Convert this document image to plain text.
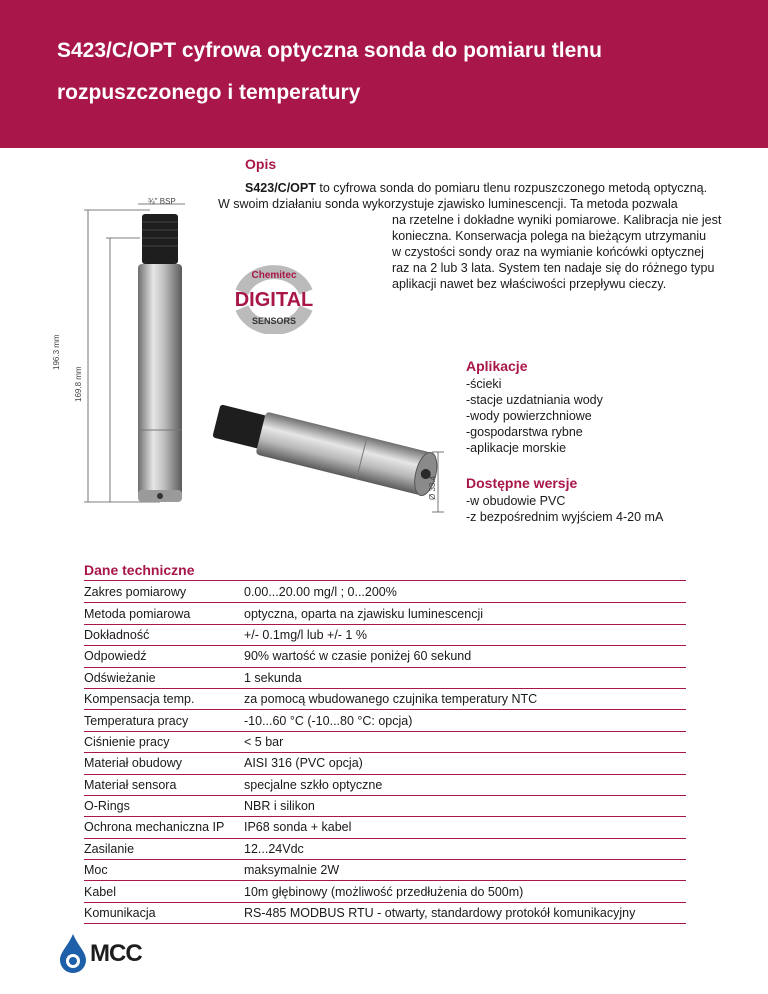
S423/C/OPT cyfrowa optyczna sonda do pomiaru tlenu rozpuszczonego i temperatury
Opis
S423/C/OPT to cyfrowa sonda do pomiaru tlenu rozpuszczonego metodą optyczną.
W swoim działaniu sonda wykorzystuje zjawisko luminescencji. Ta metoda pozwala
na rzetelne i dokładne wyniki pomiarowe. Kalibracja nie jest
konieczna. Konserwacja polega na bieżącym utrzymaniu
w czystości sondy oraz na wymianie końcówki optycznej
raz na 2 lub 3 lata. System ten nadaje się do różnego typu
aplikacji nawet bez właściwości przepływu cieczy.
¾" BSP
196.3 mm
169.8 mm
Ø 33.4
Chemitec
DIGITAL
SENSORS
Aplikacje
-ścieki
-stacje uzdatniania wody
-wody powierzchniowe
-gospodarstwa rybne
-aplikacje morskie
Dostępne wersje
-w obudowie PVC
-z bezpośrednim wyjściem 4-20 mA
Dane techniczne
Zakres pomiarowy	0.00...20.00 mg/l ; 0...200%
Metoda pomiarowa	optyczna, oparta na zjawisku luminescencji
Dokładność	+/- 0.1mg/l lub +/- 1 %
Odpowiedź	90% wartość w czasie poniżej 60 sekund
Odświeżanie	1 sekunda
Kompensacja temp.	za pomocą wbudowanego czujnika temperatury NTC
Temperatura pracy	-10...60 °C (-10...80 °C: opcja)
Ciśnienie pracy	< 5 bar
Materiał obudowy	AISI 316 (PVC opcja)
Materiał sensora	specjalne szkło optyczne
O-Rings	NBR i silikon
Ochrona mechaniczna IP	IP68 sonda + kabel
Zasilanie	12...24Vdc
Moc	maksymalnie 2W
Kabel	10m głębinowy (możliwość przedłużenia do 500m)
Komunikacja	RS-485 MODBUS RTU - otwarty, standardowy protokół komunikacyjny
MCC
